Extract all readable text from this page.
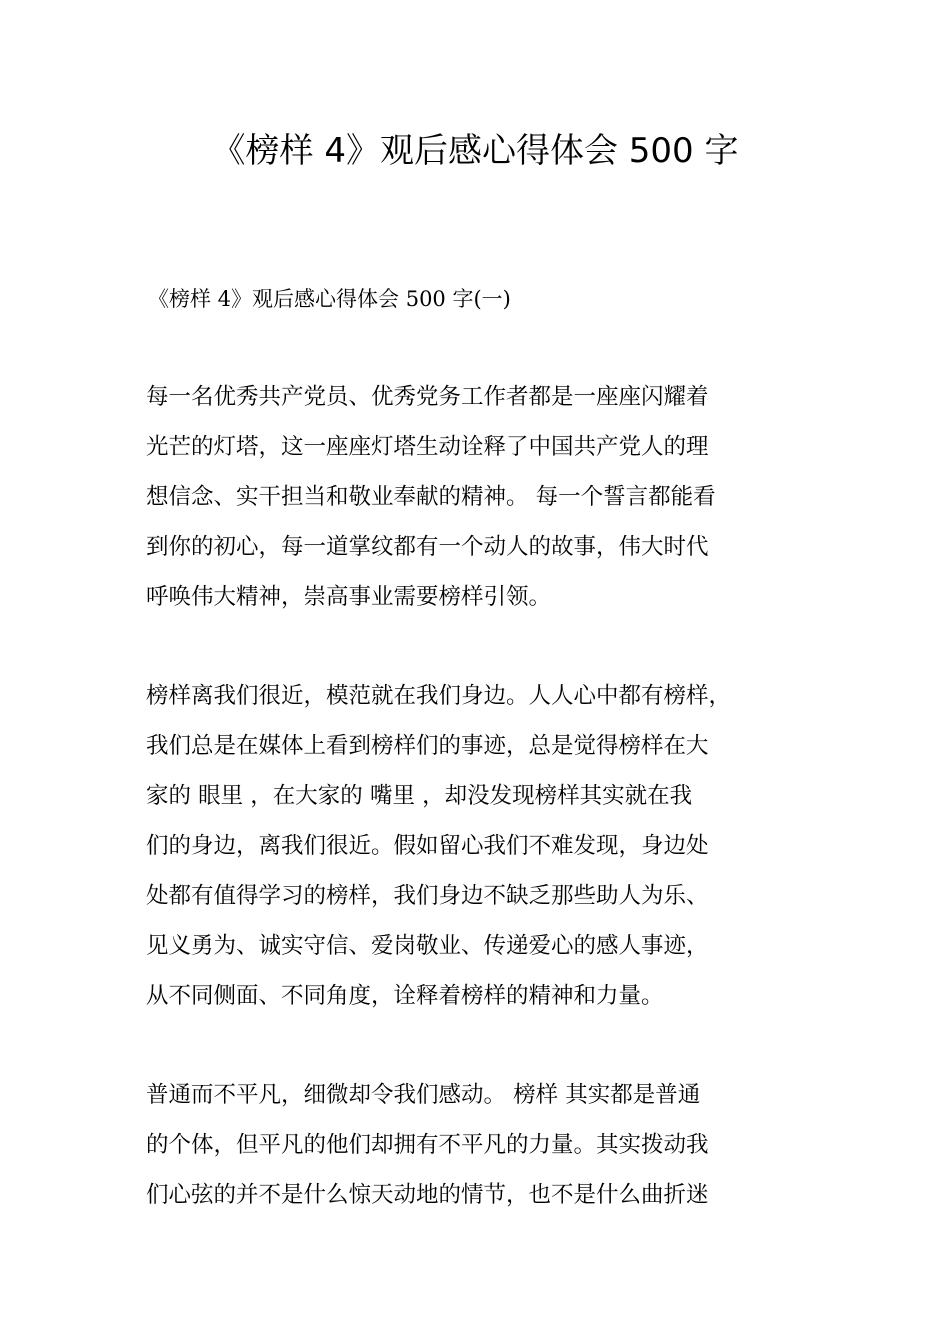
《榜样 4》观后感心得体会 500 字

《榜样 4》观后感心得体会 500 字(一)

每一名优秀共产党员、优秀党务工作者都是一座座闪耀着
光芒的灯塔，这一座座灯塔生动诠释了中国共产党人的理
想信念、实干担当和敬业奉献的精神。 每一个誓言都能看
到你的初心，每一道掌纹都有一个动人的故事，伟大时代
呼唤伟大精神，崇高事业需要榜样引领。
榜样离我们很近，模范就在我们身边。人人心中都有榜样，
我们总是在媒体上看到榜样们的事迹，总是觉得榜样在大
家的 眼里 ，在大家的 嘴里 ，却没发现榜样其实就在我
们的身边，离我们很近。假如留心我们不难发现，身边处
处都有值得学习的榜样，我们身边不缺乏那些助人为乐、
见义勇为、诚实守信、爱岗敬业、传递爱心的感人事迹，
从不同侧面、不同角度，诠释着榜样的精神和力量。
普通而不平凡，细微却令我们感动。 榜样 其实都是普通
的个体，但平凡的他们却拥有不平凡的力量。其实拨动我
们心弦的并不是什么惊天动地的情节，也不是什么曲折迷
